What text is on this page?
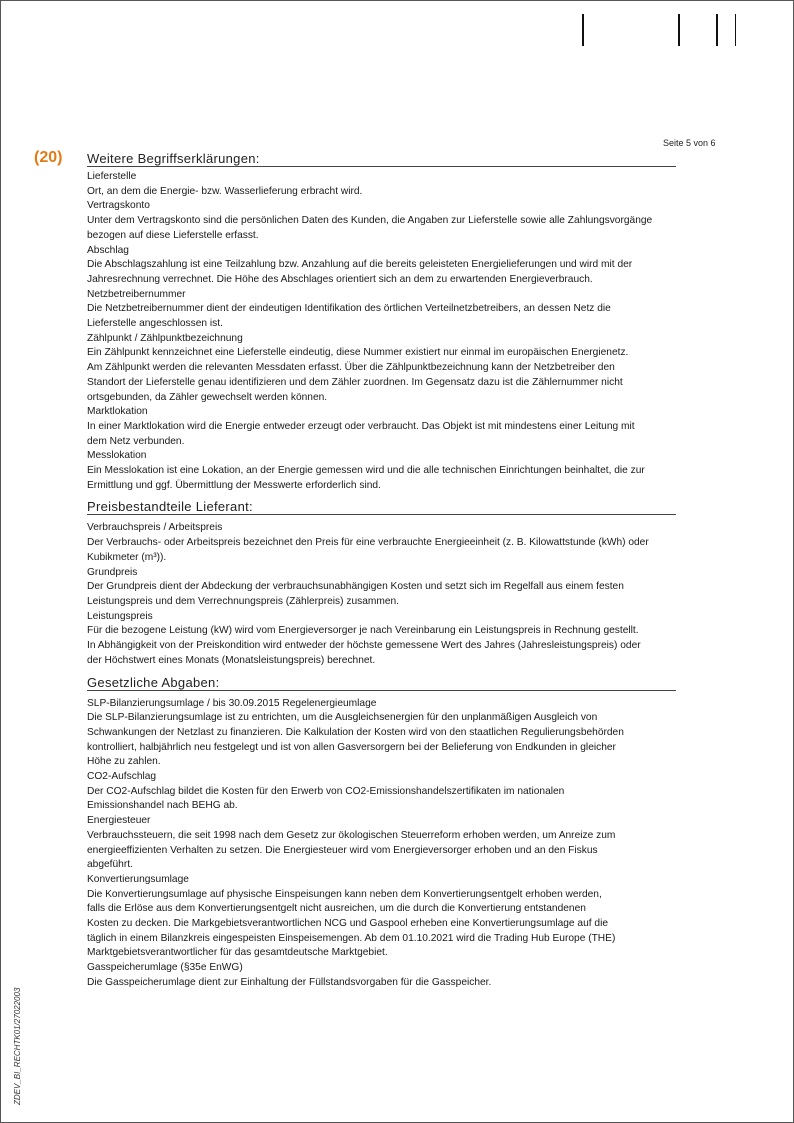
Seite 5 von 6
(20) Weitere Begriffserklärungen:
Lieferstelle
Ort, an dem die Energie- bzw. Wasserlieferung erbracht wird.
Vertragskonto
Unter dem Vertragskonto sind die persönlichen Daten des Kunden, die Angaben zur Lieferstelle sowie alle Zahlungsvorgänge
bezogen auf diese Lieferstelle erfasst.
Abschlag
Die Abschlagszahlung ist eine Teilzahlung bzw. Anzahlung auf die bereits geleisteten Energielieferungen und wird mit der
Jahresrechnung verrechnet. Die Höhe des Abschlages orientiert sich an dem zu erwartenden Energieverbrauch.
Netzbetreibernummer
Die Netzbetreibernummer dient der eindeutigen Identifikation des örtlichen Verteilnetzbetreibers, an dessen Netz die
Lieferstelle angeschlossen ist.
Zählpunkt / Zählpunktbezeichnung
Ein Zählpunkt kennzeichnet eine Lieferstelle eindeutig, diese Nummer existiert nur einmal im europäischen Energienetz.
Am Zählpunkt werden die relevanten Messdaten erfasst. Über die Zählpunktbezeichnung kann der Netzbetreiber den
Standort der Lieferstelle genau identifizieren und dem Zähler zuordnen. Im Gegensatz dazu ist die Zählernummer nicht
ortsgebunden, da Zähler gewechselt werden können.
Marktlokation
In einer Marktlokation wird die Energie entweder erzeugt oder verbraucht. Das Objekt ist mit mindestens einer Leitung mit
dem Netz verbunden.
Messlokation
Ein Messlokation ist eine Lokation, an der Energie gemessen wird und die alle technischen Einrichtungen beinhaltet, die zur
Ermittlung und ggf. Übermittlung der Messwerte erforderlich sind.
Preisbestandteile Lieferant:
Verbrauchspreis / Arbeitspreis
Der Verbrauchs- oder Arbeitspreis bezeichnet den Preis für eine verbrauchte Energieeinheit (z. B. Kilowattstunde (kWh) oder
Kubikmeter (m³)).
Grundpreis
Der Grundpreis dient der Abdeckung der verbrauchsunabhängigen Kosten und setzt sich im Regelfall aus einem festen
Leistungspreis und dem Verrechnungspreis (Zählerpreis) zusammen.
Leistungspreis
Für die bezogene Leistung (kW) wird vom Energieversorger je nach Vereinbarung ein Leistungspreis in Rechnung gestellt.
In Abhängigkeit von der Preiskondition wird entweder der höchste gemessene Wert des Jahres (Jahresleistungspreis) oder
der Höchstwert eines Monats (Monatsleistungspreis) berechnet.
Gesetzliche Abgaben:
SLP-Bilanzierungsumlage / bis 30.09.2015 Regelenergieumlage
Die SLP-Bilanzierungsumlage ist zu entrichten, um die Ausgleichsenergien für den unplanmäßigen Ausgleich von
Schwankungen der Netzlast zu finanzieren. Die Kalkulation der Kosten wird von den staatlichen Regulierungsbehörden
kontrolliert, halbjährlich neu festgelegt und ist von allen Gasversorgern bei der Belieferung von Endkunden in gleicher
Höhe zu zahlen.
CO2-Aufschlag
Der CO2-Aufschlag bildet die Kosten für den Erwerb von CO2-Emissionshandelszertifikaten im nationalen
Emissionshandel nach BEHG ab.
Energiesteuer
Verbrauchssteuern, die seit 1998 nach dem Gesetz zur ökologischen Steuerreform erhoben werden, um Anreize zum
energieeffizienten Verhalten zu setzen. Die Energiesteuer wird vom Energieversorger erhoben und an den Fiskus
abgeführt.
Konvertierungsumlage
Die Konvertierungsumlage auf physische Einspeisungen kann neben dem Konvertierungsentgelt erhoben werden,
falls die Erlöse aus dem Konvertierungsentgelt nicht ausreichen, um die durch die Konvertierung entstandenen
Kosten zu decken. Die Markgebietsverantwortlichen NCG und Gaspool erheben eine Konvertierungsumlage auf die
täglich in einem Bilanzkreis eingespeisten Einspeisemengen. Ab dem 01.10.2021 wird die Trading Hub Europe (THE)
Marktgebietsverantwortlicher für das gesamtdeutsche Marktgebiet.
Gasspeicherumlage (§35e EnWG)
Die Gasspeicherumlage dient zur Einhaltung der Füllstandsvorgaben für die Gasspeicher.
ZDEV_BI_RECHTK01/27022003
